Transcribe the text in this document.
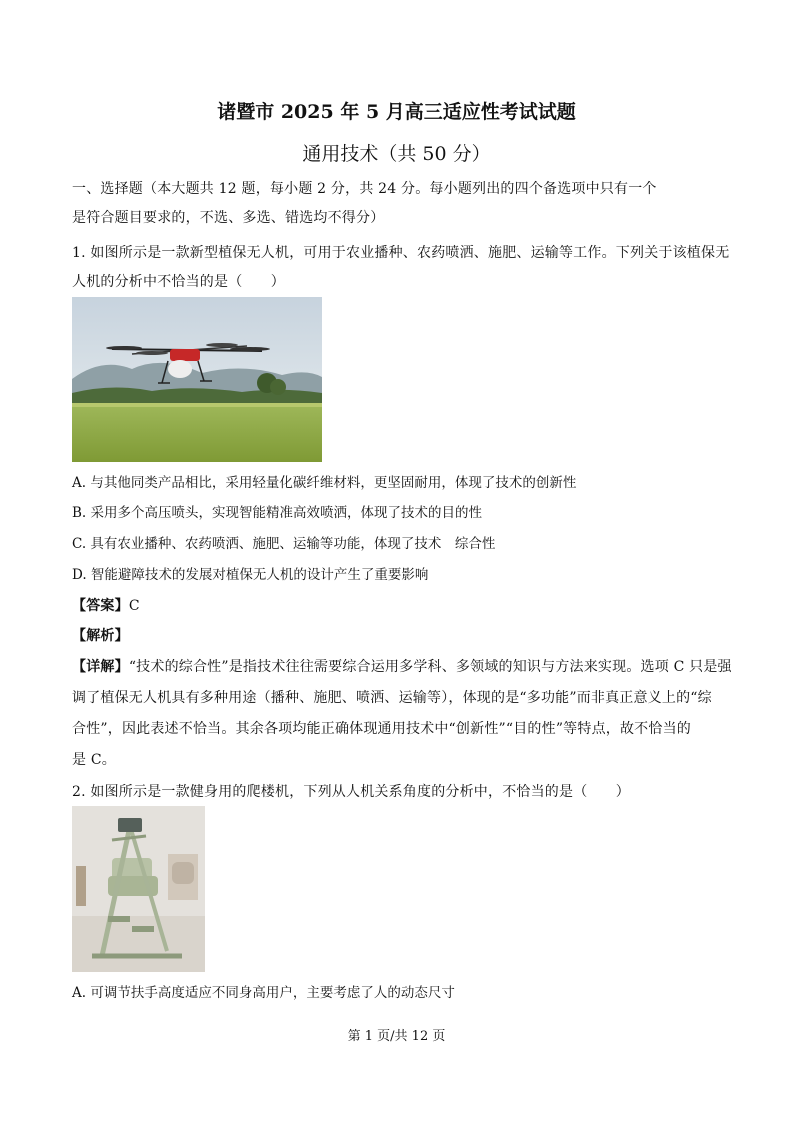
诸暨市 2025 年 5 月高三适应性考试试题
通用技术（共 50 分）
一、选择题（本大题共 12 题，每小题 2 分，共 24 分。每小题列出的四个备选项中只有一个
是符合题目要求的，不选、多选、错选均不得分）
1. 如图所示是一款新型植保无人机，可用于农业播种、农药喷洒、施肥、运输等工作。下列关于该植保无
人机的分析中不恰当的是（　　）
A. 与其他同类产品相比，采用轻量化碳纤维材料，更坚固耐用，体现了技术的创新性
B. 采用多个高压喷头，实现智能精准高效喷洒，体现了技术的目的性
C. 具有农业播种、农药喷洒、施肥、运输等功能，体现了技术　综合性
D. 智能避障技术的发展对植保无人机的设计产生了重要影响
【答案】C
【解析】
【详解】“技术的综合性”是指技术往往需要综合运用多学科、多领域的知识与方法来实现。选项 C 只是强
调了植保无人机具有多种用途（播种、施肥、喷洒、运输等），体现的是“多功能”而非真正意义上的“综
合性”，因此表述不恰当。其余各项均能正确体现通用技术中“创新性”“目的性”等特点，故不恰当的
是 C。
2. 如图所示是一款健身用的爬楼机，下列从人机关系角度的分析中，不恰当的是（　　）
A. 可调节扶手高度适应不同身高用户，主要考虑了人的动态尺寸
第 1 页/共 12 页
